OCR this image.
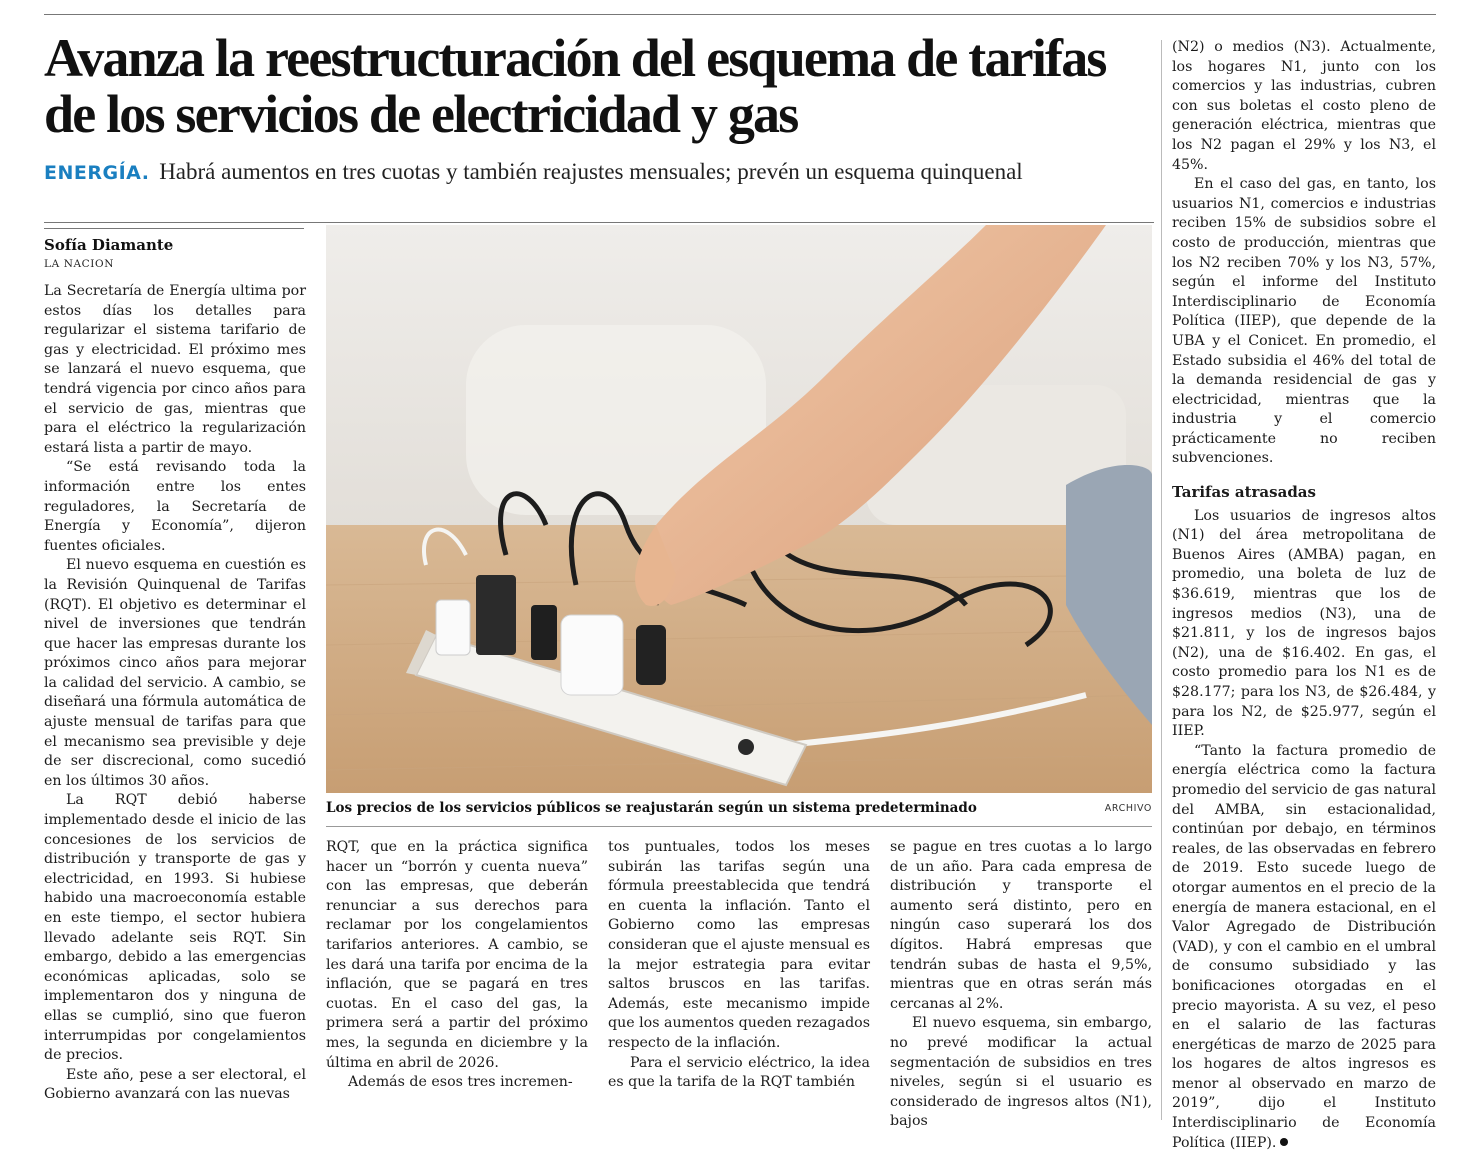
Avanza la reestructuración del esquema de tarifas de los servicios de electricidad y gas
ENERGÍA. Habrá aumentos en tres cuotas y también reajustes mensuales; prevén un esquema quinquenal
Sofía Diamante
LA NACION

La Secretaría de Energía ultima por estos días los detalles para regularizar el sistema tarifario de gas y electricidad. El próximo mes se lanzará el nuevo esquema, que tendrá vigencia por cinco años para el servicio de gas, mientras que para el eléctrico la regularización estará lista a partir de mayo.

“Se está revisando toda la información entre los entes reguladores, la Secretaría de Energía y Economía”, dijeron fuentes oficiales.

El nuevo esquema en cuestión es la Revisión Quinquenal de Tarifas (RQT). El objetivo es determinar el nivel de inversiones que tendrán que hacer las empresas durante los próximos cinco años para mejorar la calidad del servicio. A cambio, se diseñará una fórmula automática de ajuste mensual de tarifas para que el mecanismo sea previsible y deje de ser discrecional, como sucedió en los últimos 30 años.

La RQT debió haberse implementado desde el inicio de las concesiones de los servicios de distribución y transporte de gas y electricidad, en 1993. Si hubiese habido una macroeconomía estable en este tiempo, el sector hubiera llevado adelante seis RQT. Sin embargo, debido a las emergencias económicas aplicadas, solo se implementaron dos y ninguna de ellas se cumplió, sino que fueron interrumpidas por congelamientos de precios.

Este año, pese a ser electoral, el Gobierno avanzará con las nuevas

Los precios de los servicios públicos se reajustarán según un sistema predeterminado	ARCHIVO

RQT, que en la práctica significa hacer un “borrón y cuenta nueva” con las empresas, que deberán renunciar a sus derechos para reclamar por los congelamientos tarifarios anteriores. A cambio, se les dará una tarifa por encima de la inflación, que se pagará en tres cuotas. En el caso del gas, la primera será a partir del próximo mes, la segunda en diciembre y la última en abril de 2026.

Además de esos tres incremen-

tos puntuales, todos los meses subirán las tarifas según una fórmula preestablecida que tendrá en cuenta la inflación. Tanto el Gobierno como las empresas consideran que el ajuste mensual es la mejor estrategia para evitar saltos bruscos en las tarifas. Además, este mecanismo impide que los aumentos queden rezagados respecto de la inflación.

Para el servicio eléctrico, la idea es que la tarifa de la RQT también

se pague en tres cuotas a lo largo de un año. Para cada empresa de distribución y transporte el aumento será distinto, pero en ningún caso superará los dos dígitos. Habrá empresas que tendrán subas de hasta el 9,5%, mientras que en otras serán más cercanas al 2%.

El nuevo esquema, sin embargo, no prevé modificar la actual segmentación de subsidios en tres niveles, según si el usuario es considerado de ingresos altos (N1), bajos

(N2) o medios (N3). Actualmente, los hogares N1, junto con los comercios y las industrias, cubren con sus boletas el costo pleno de generación eléctrica, mientras que los N2 pagan el 29% y los N3, el 45%.

En el caso del gas, en tanto, los usuarios N1, comercios e industrias reciben 15% de subsidios sobre el costo de producción, mientras que los N2 reciben 70% y los N3, 57%, según el informe del Instituto Interdisciplinario de Economía Política (IIEP), que depende de la UBA y el Conicet. En promedio, el Estado subsidia el 46% del total de la demanda residencial de gas y electricidad, mientras que la industria y el comercio prácticamente no reciben subvenciones.

Tarifas atrasadas

Los usuarios de ingresos altos (N1) del área metropolitana de Buenos Aires (AMBA) pagan, en promedio, una boleta de luz de $36.619, mientras que los de ingresos medios (N3), una de $21.811, y los de ingresos bajos (N2), una de $16.402. En gas, el costo promedio para los N1 es de $28.177; para los N3, de $26.484, y para los N2, de $25.977, según el IIEP.

“Tanto la factura promedio de energía eléctrica como la factura promedio del servicio de gas natural del AMBA, sin estacionalidad, continúan por debajo, en términos reales, de las observadas en febrero de 2019. Esto sucede luego de otorgar aumentos en el precio de la energía de manera estacional, en el Valor Agregado de Distribución (VAD), y con el cambio en el umbral de consumo subsidiado y las bonificaciones otorgadas en el precio mayorista. A su vez, el peso en el salario de las facturas energéticas de marzo de 2025 para los hogares de altos ingresos es menor al observado en marzo de 2019”, dijo el Instituto Interdisciplinario de Economía Política (IIEP).
